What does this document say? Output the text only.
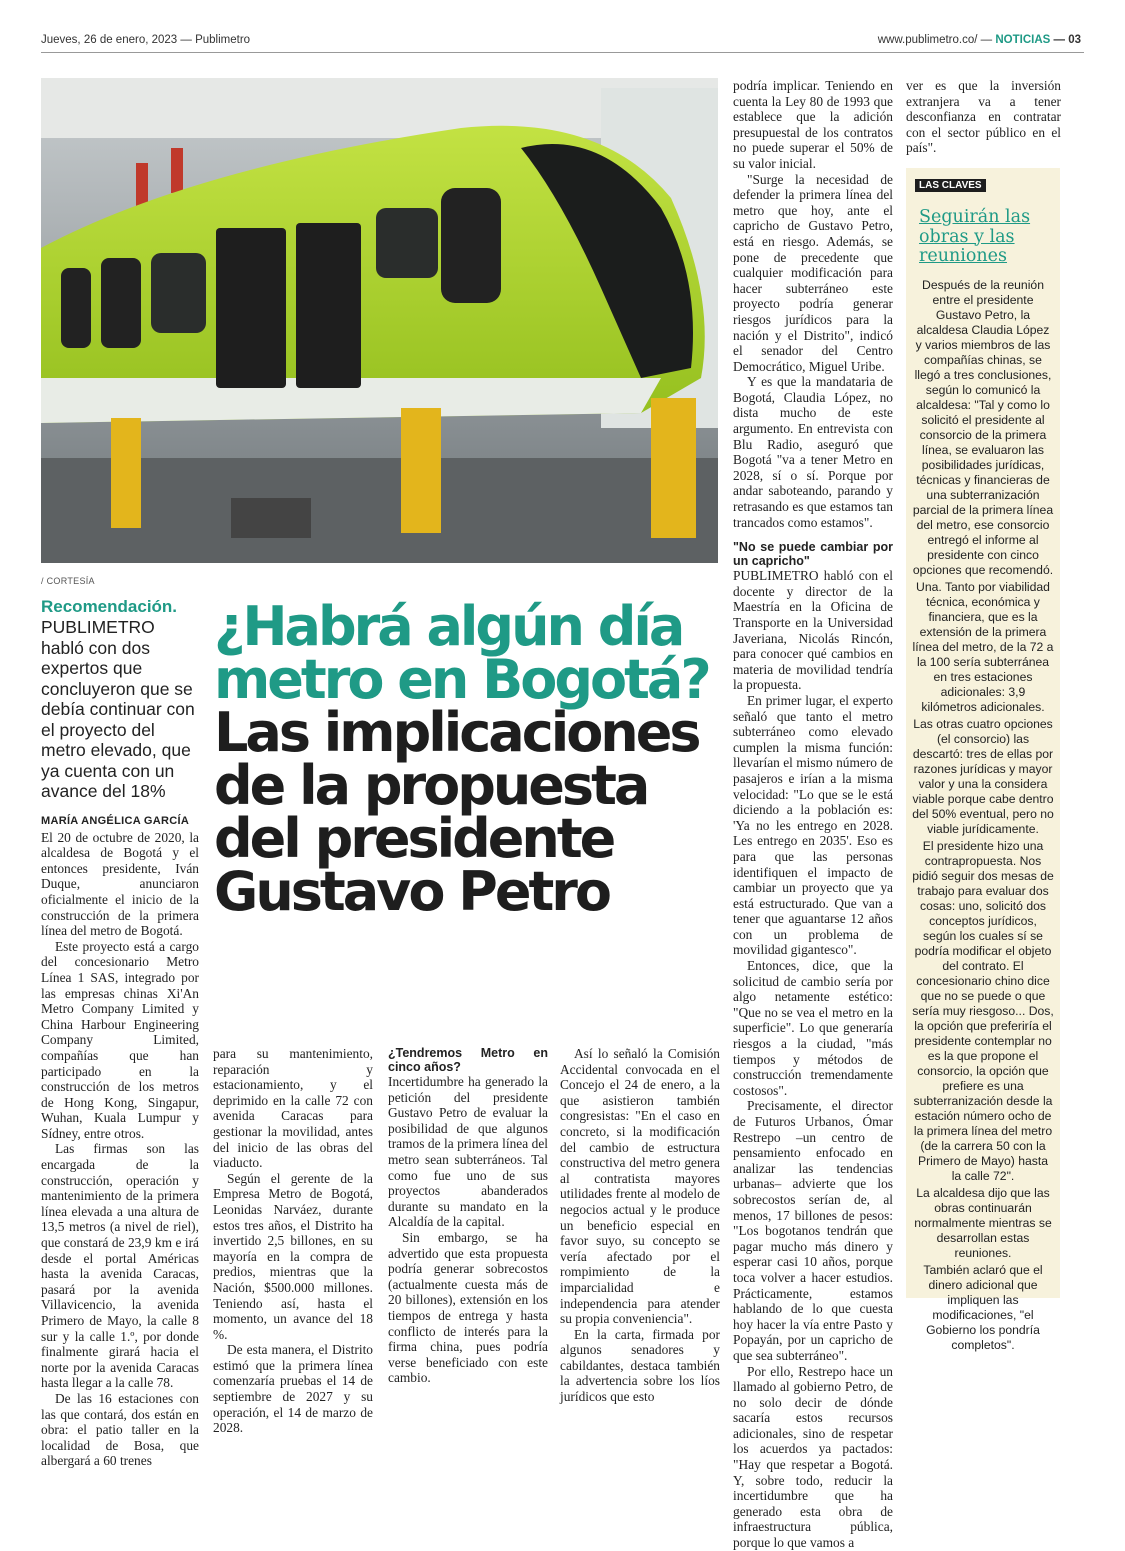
Jueves, 26 de enero, 2023 — Publimetro	www.publimetro.co/ — NOTICIAS — 03
/ CORTESÍA
Recomendación.
PUBLIMETRO habló con dos expertos que concluyeron que se debía continuar con el proyecto del metro elevado, que ya cuenta con un avance del 18%
¿Habrá algún día metro en Bogotá? Las implicaciones de la propuesta del presidente Gustavo Petro
MARÍA ANGÉLICA GARCÍA

El 20 de octubre de 2020, la alcaldesa de Bogotá y el entonces presidente, Iván Duque, anunciaron oficialmente el inicio de la construcción de la primera línea del metro de Bogotá.

Este proyecto está a cargo del concesionario Metro Línea 1 SAS, integrado por las empresas chinas Xi'An Metro Company Limited y China Harbour Engineering Company Limited, compañías que han participado en la construcción de los metros de Hong Kong, Singapur, Wuhan, Kuala Lumpur y Sídney, entre otros.

Las firmas son las encargada de la construcción, operación y mantenimiento de la primera línea elevada a una altura de 13,5 metros (a nivel de riel), que constará de 23,9 km e irá desde el portal Américas hasta la avenida Caracas, pasará por la avenida Villavicencio, la avenida Primero de Mayo, la calle 8 sur y la calle 1.º, por donde finalmente girará hacia el norte por la avenida Caracas hasta llegar a la calle 78.

De las 16 estaciones con las que contará, dos están en obra: el patio taller en la localidad de Bosa, que albergará a 60 trenes

para su mantenimiento, reparación y estacionamiento, y el deprimido en la calle 72 con avenida Caracas para gestionar la movilidad, antes del inicio de las obras del viaducto.

Según el gerente de la Empresa Metro de Bogotá, Leonidas Narváez, durante estos tres años, el Distrito ha invertido 2,5 billones, en su mayoría en la compra de predios, mientras que la Nación, $500.000 millones. Teniendo así, hasta el momento, un avance del 18 %.

De esta manera, el Distrito estimó que la primera línea comenzaría pruebas el 14 de septiembre de 2027 y su operación, el 14 de marzo de 2028.

¿Tendremos Metro en cinco años?

Incertidumbre ha generado la petición del presidente Gustavo Petro de evaluar la posibilidad de que algunos tramos de la primera línea del metro sean subterráneos. Tal como fue uno de sus proyectos abanderados durante su mandato en la Alcaldía de la capital.

Sin embargo, se ha advertido que esta propuesta podría generar sobrecostos (actualmente cuesta más de 20 billones), extensión en los tiempos de entrega y hasta conflicto de interés para la firma china, pues podría verse beneficiado con este cambio.

Así lo señaló la Comisión Accidental convocada en el Concejo el 24 de enero, a la que asistieron también congresistas: "En el caso en concreto, si la modificación del cambio de estructura constructiva del metro genera al contratista mayores utilidades frente al modelo de negocios actual y le produce un beneficio especial en favor suyo, su concepto se vería afectado por el rompimiento de la imparcialidad e independencia para atender su propia conveniencia".

En la carta, firmada por algunos senadores y cabildantes, destaca también la advertencia sobre los líos jurídicos que esto

podría implicar. Teniendo en cuenta la Ley 80 de 1993 que establece que la adición presupuestal de los contratos no puede superar el 50% de su valor inicial.

"Surge la necesidad de defender la primera línea del metro que hoy, ante el capricho de Gustavo Petro, está en riesgo. Además, se pone de precedente que cualquier modificación para hacer subterráneo este proyecto podría generar riesgos jurídicos para la nación y el Distrito", indicó el senador del Centro Democrático, Miguel Uribe.

Y es que la mandataria de Bogotá, Claudia López, no dista mucho de este argumento. En entrevista con Blu Radio, aseguró que Bogotá "va a tener Metro en 2028, sí o sí. Porque por andar saboteando, parando y retrasando es que estamos tan trancados como estamos".

"No se puede cambiar por un capricho"

PUBLIMETRO habló con el docente y director de la Maestría en la Oficina de Transporte en la Universidad Javeriana, Nicolás Rincón, para conocer qué cambios en materia de movilidad tendría la propuesta.

En primer lugar, el experto señaló que tanto el metro subterráneo como elevado cumplen la misma función: llevarían el mismo número de pasajeros e irían a la misma velocidad: "Lo que se le está diciendo a la población es: 'Ya no les entrego en 2028. Les entrego en 2035'. Eso es para que las personas identifiquen el impacto de cambiar un proyecto que ya está estructurado. Que van a tener que aguantarse 12 años con un problema de movilidad gigantesco".

Entonces, dice, que la solicitud de cambio sería por algo netamente estético: "Que no se vea el metro en la superficie". Lo que generaría riesgos a la ciudad, "más tiempos y métodos de construcción tremendamente costosos".

Precisamente, el director de Futuros Urbanos, Ómar Restrepo –un centro de pensamiento enfocado en analizar las tendencias urbanas– advierte que los sobrecostos serían de, al menos, 17 billones de pesos: "Los bogotanos tendrán que pagar mucho más dinero y esperar casi 10 años, porque toca volver a hacer estudios. Prácticamente, estamos hablando de lo que cuesta hoy hacer la vía entre Pasto y Popayán, por un capricho de que sea subterráneo".

Por ello, Restrepo hace un llamado al gobierno Petro, de no solo decir de dónde sacaría estos recursos adicionales, sino de respetar los acuerdos ya pactados: "Hay que respetar a Bogotá. Y, sobre todo, reducir la incertidumbre que ha generado esta obra de infraestructura pública, porque lo que vamos a

ver es que la inversión extranjera va a tener desconfianza en contratar con el sector público en el país".

LAS CLAVES
Seguirán las obras y las reuniones

Después de la reunión entre el presidente Gustavo Petro, la alcaldesa Claudia López y varios miembros de las compañías chinas, se llegó a tres conclusiones, según lo comunicó la alcaldesa: "Tal y como lo solicitó el presidente al consorcio de la primera línea, se evaluaron las posibilidades jurídicas, técnicas y financieras de una subterranización parcial de la primera línea del metro, ese consorcio entregó el informe al presidente con cinco opciones que recomendó.

Una. Tanto por viabilidad técnica, económica y financiera, que es la extensión de la primera línea del metro, de la 72 a la 100 sería subterránea en tres estaciones adicionales: 3,9 kilómetros adicionales.

Las otras cuatro opciones (el consorcio) las descartó: tres de ellas por razones jurídicas y mayor valor y una la considera viable porque cabe dentro del 50% eventual, pero no viable jurídicamente.

El presidente hizo una contrapropuesta. Nos pidió seguir dos mesas de trabajo para evaluar dos cosas: uno, solicitó dos conceptos jurídicos, según los cuales sí se podría modificar el objeto del contrato. El concesionario chino dice que no se puede o que sería muy riesgoso... Dos, la opción que preferiría el presidente contemplar no es la que propone el consorcio, la opción que prefiere es una subterranización desde la estación número ocho de la primera línea del metro (de la carrera 50 con la Primero de Mayo) hasta la calle 72".

La alcaldesa dijo que las obras continuarán normalmente mientras se desarrollan estas reuniones.

También aclaró que el dinero adicional que impliquen las modificaciones, "el Gobierno los pondría completos".
